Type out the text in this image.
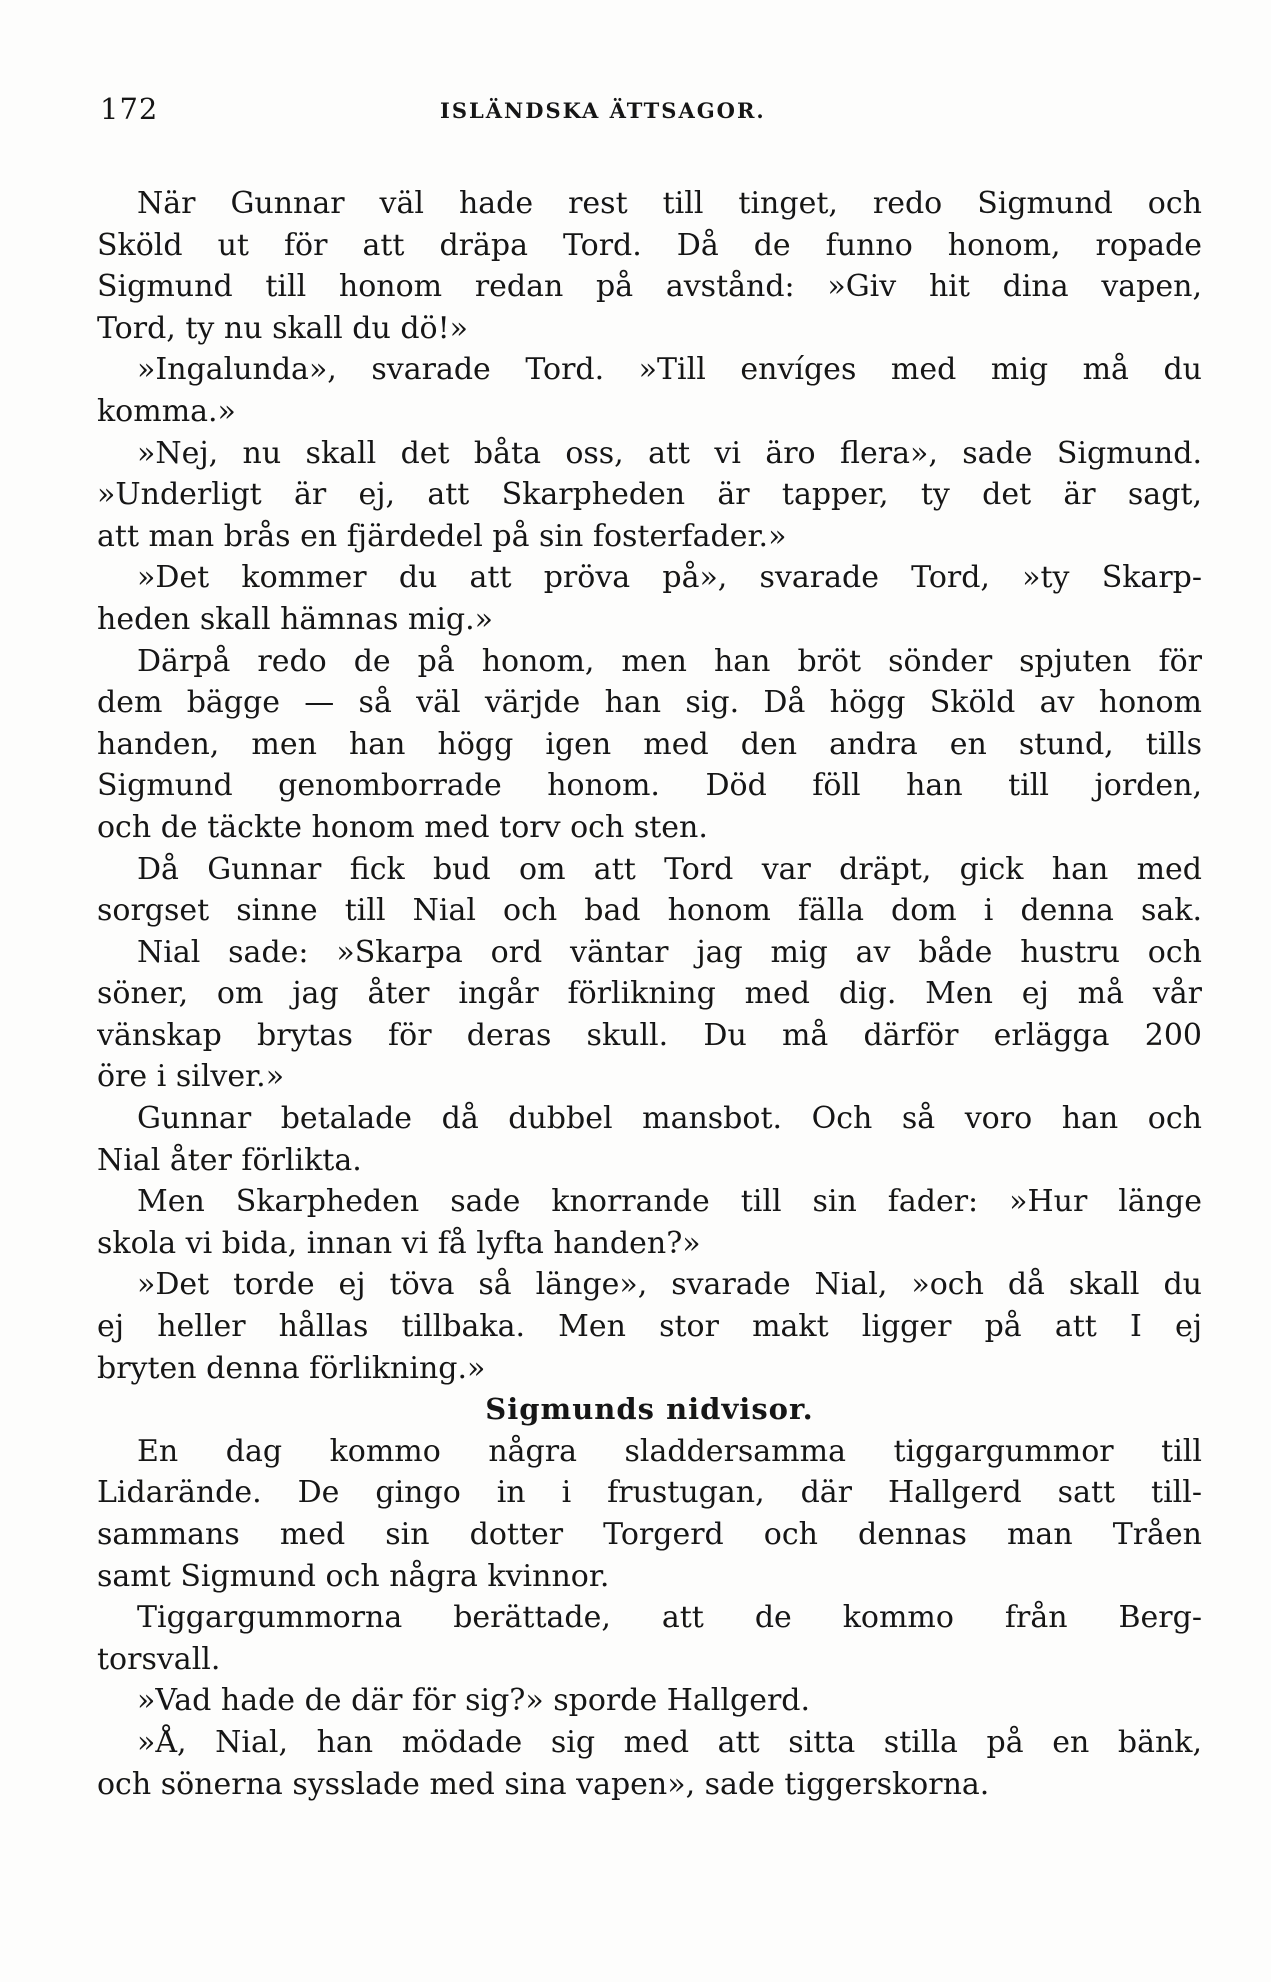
172	ISLÄNDSKA ÄTTSAGOR.
När Gunnar väl hade rest till tinget, redo Sigmund och
Sköld ut för att dräpa Tord. Då de funno honom, ropade
Sigmund till honom redan på avstånd: »Giv hit dina vapen,
Tord, ty nu skall du dö!»
»Ingalunda», svarade Tord. »Till envíges med mig må du
komma.»
»Nej, nu skall det båta oss, att vi äro flera», sade Sigmund.
»Underligt är ej, att Skarpheden är tapper, ty det är sagt,
att man brås en fjärdedel på sin fosterfader.»
»Det kommer du att pröva på», svarade Tord, »ty Skarp-
heden skall hämnas mig.»
Därpå redo de på honom, men han bröt sönder spjuten för
dem bägge — så väl värjde han sig. Då högg Sköld av honom
handen, men han högg igen med den andra en stund, tills
Sigmund genomborrade honom. Död föll han till jorden,
och de täckte honom med torv och sten.
Då Gunnar fick bud om att Tord var dräpt, gick han med
sorgset sinne till Nial och bad honom fälla dom i denna sak.
Nial sade: »Skarpa ord väntar jag mig av både hustru och
söner, om jag åter ingår förlikning med dig. Men ej må vår
vänskap brytas för deras skull. Du må därför erlägga 200
öre i silver.»
Gunnar betalade då dubbel mansbot. Och så voro han och
Nial åter förlikta.
Men Skarpheden sade knorrande till sin fader: »Hur länge
skola vi bida, innan vi få lyfta handen?»
»Det torde ej töva så länge», svarade Nial, »och då skall du
ej heller hållas tillbaka. Men stor makt ligger på att I ej
bryten denna förlikning.»
Sigmunds nidvisor.
En dag kommo några sladdersamma tiggargummor till
Lidarände. De gingo in i frustugan, där Hallgerd satt till-
sammans med sin dotter Torgerd och dennas man Tråen
samt Sigmund och några kvinnor.
Tiggargummorna berättade, att de kommo från Berg-
torsvall.
»Vad hade de där för sig?» sporde Hallgerd.
»Å, Nial, han mödade sig med att sitta stilla på en bänk,
och sönerna sysslade med sina vapen», sade tiggerskorna.
